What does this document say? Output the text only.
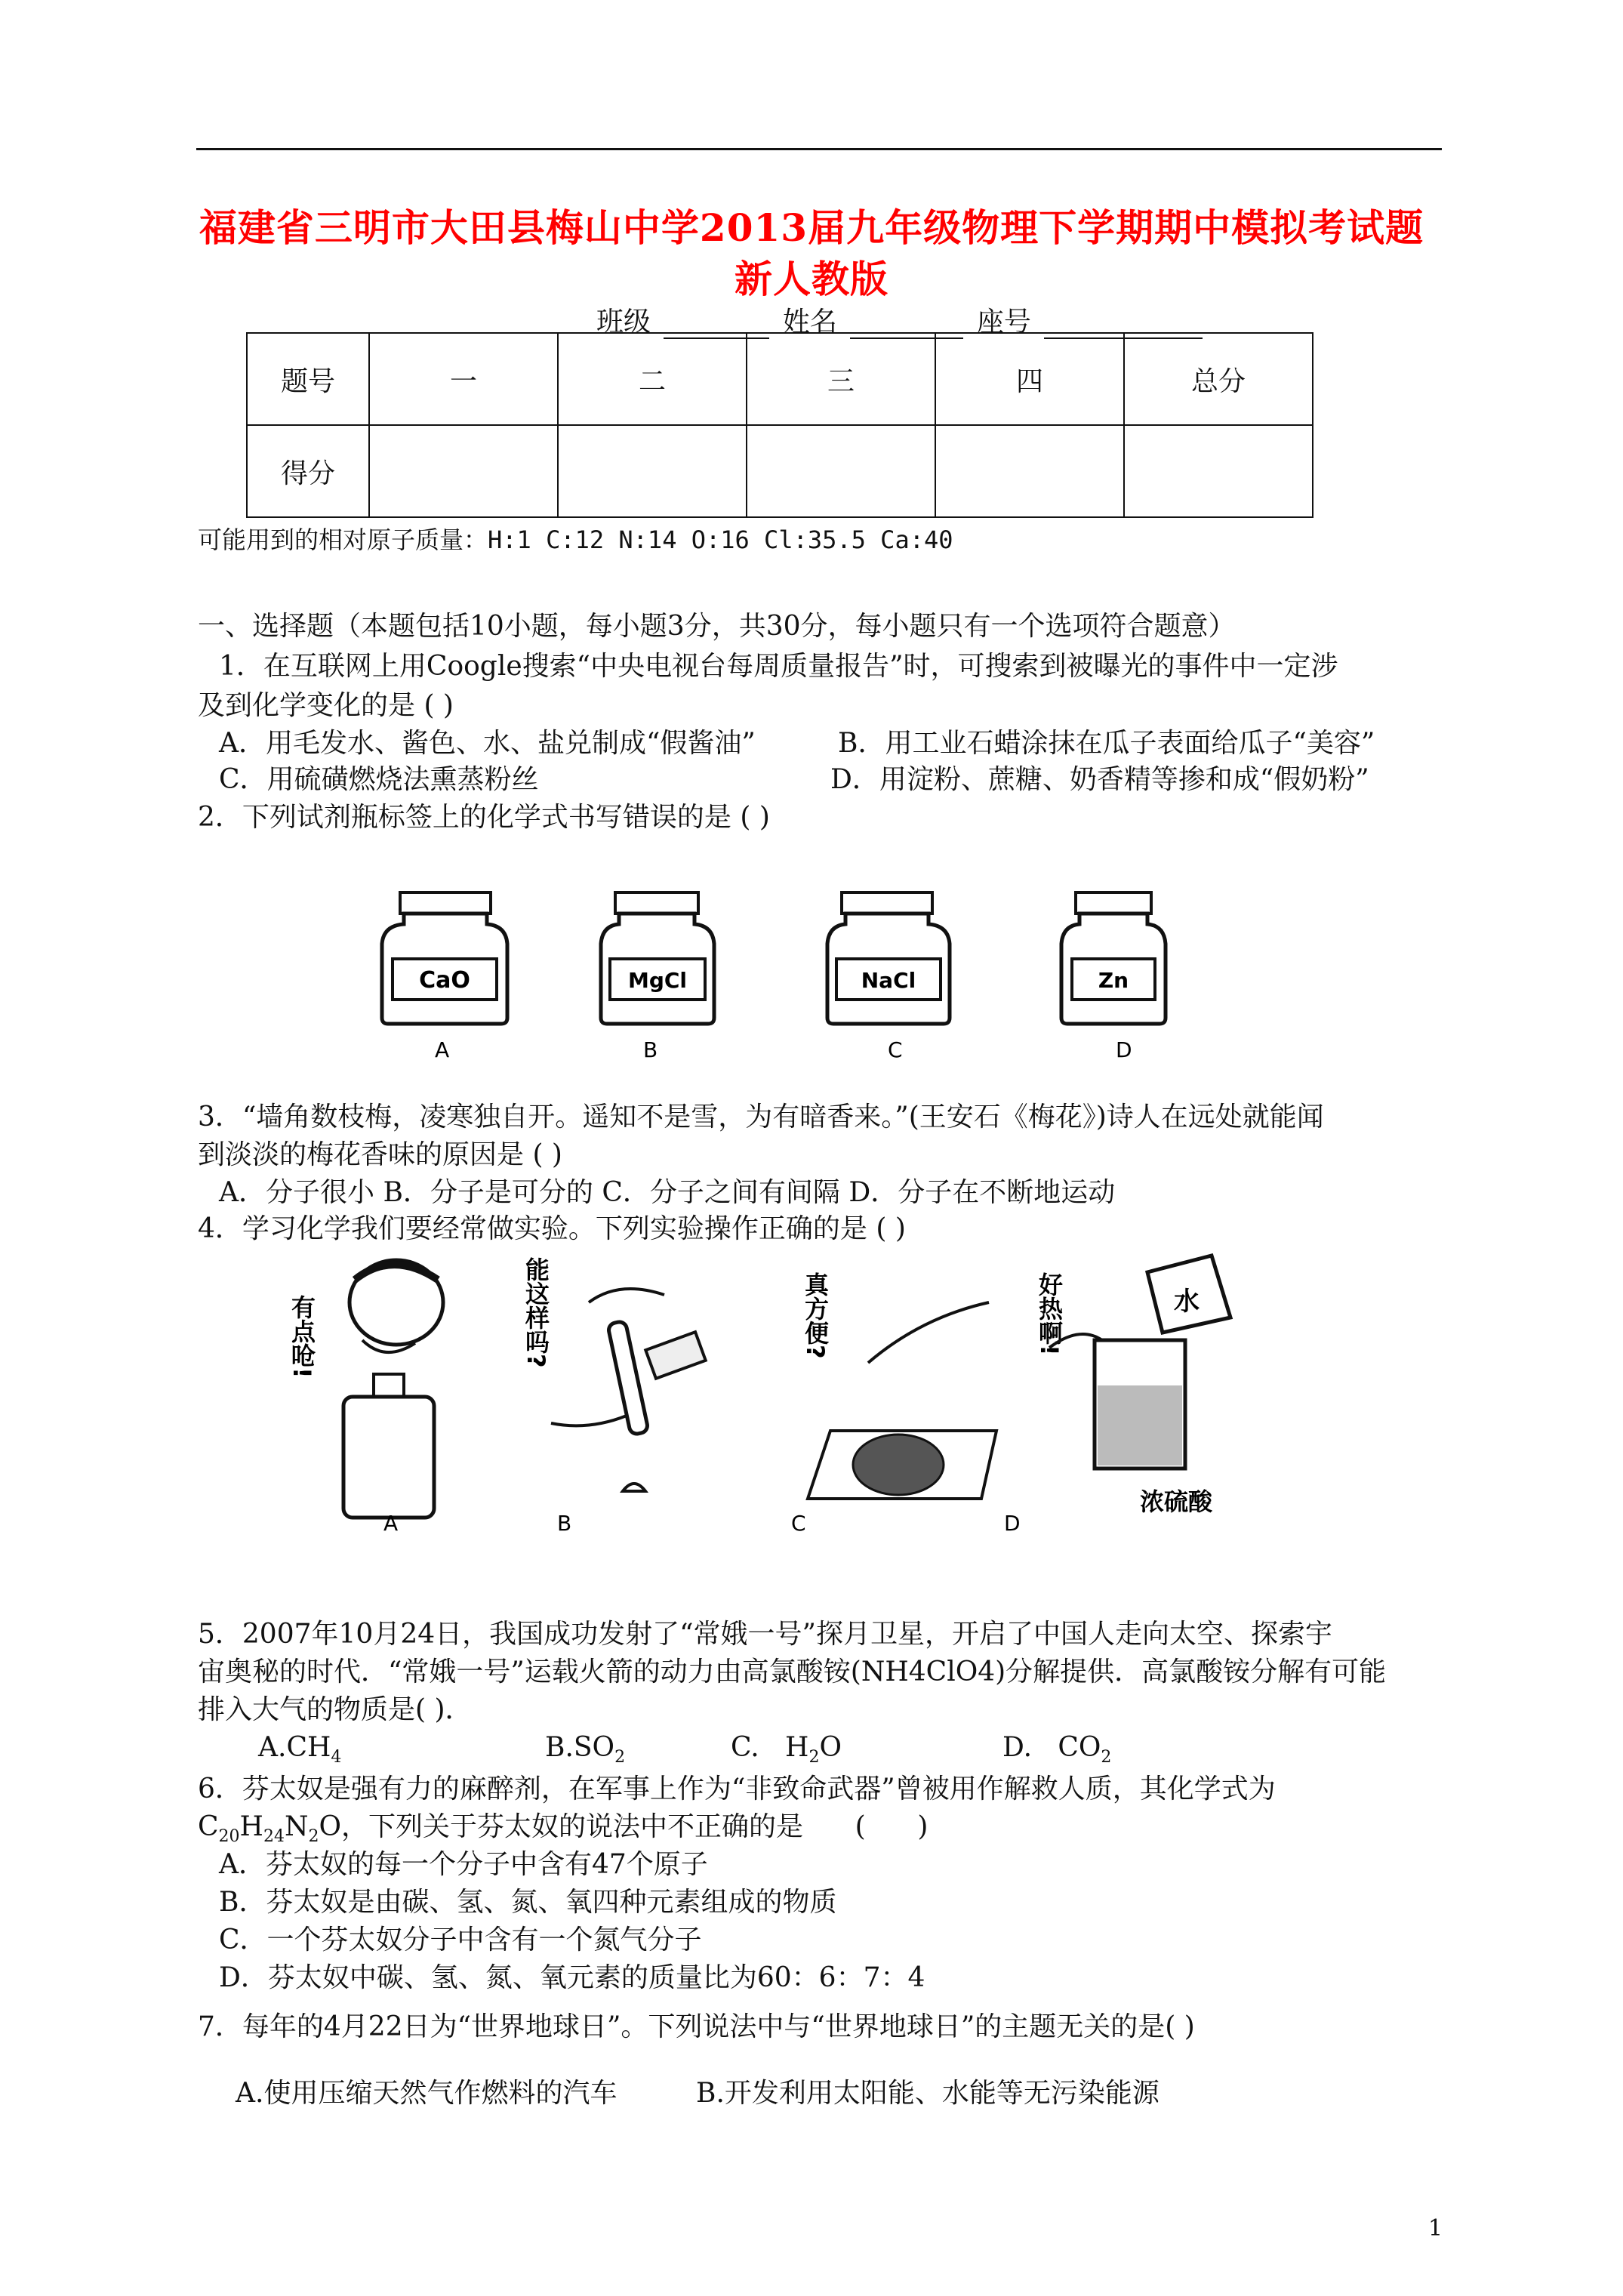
福建省三明市大田县梅山中学2013届九年级物理下学期期中模拟考试题
新人教版
班级	姓名	座号
题号	一	二	三	四	总分
得分					
可能用到的相对原子质量：H:1 C:12 N:14 O:16 Cl:35.5 Ca:40
一、选择题（本题包括10小题，每小题3分，共30分，每小题只有一个选项符合题意）
1．在互联网上用Coogle搜索“中央电视台每周质量报告”时，可搜索到被曝光的事件中一定涉
及到化学变化的是 ( )
A．用毛发水、酱色、水、盐兑制成“假酱油”	B．用工业石蜡涂抹在瓜子表面给瓜子“美容”
C．用硫磺燃烧法熏蒸粉丝	D．用淀粉、蔗糖、奶香精等掺和成“假奶粉”
2．下列试剂瓶标签上的化学式书写错误的是 ( )
CaO	MgCl	NaCl	Zn
A	B	C	D
3．“墙角数枝梅，凌寒独自开。遥知不是雪，为有暗香来。”(王安石《梅花》)诗人在远处就能闻
到淡淡的梅花香味的原因是 ( )
A．分子很小 B．分子是可分的 C．分子之间有间隔 D．分子在不断地运动
4．学习化学我们要经常做实验。下列实验操作正确的是 ( )
有点呛!	能这样吗?	真方便?	好热啊!	水
浓硫酸
A	B	C	D
5．2007年10月24日，我国成功发射了“常娥一号”探月卫星，开启了中国人走向太空、探索宇
宙奥秘的时代．“常娥一号”运载火箭的动力由高氯酸铵(NH4ClO4)分解提供．高氯酸铵分解有可能
排入大气的物质是( )．
$A.CH_4$	$B.SO_2$	C.   $H_2O$	D.   $CO_2$
6．芬太奴是强有力的麻醉剂，在军事上作为“非致命武器”曾被用作解救人质，其化学式为
$C_{20}H_{24}N_2O$，下列关于芬太奴的说法中不正确的是      (      )
A．芬太奴的每一个分子中含有47个原子
B．芬太奴是由碳、氢、氮、氧四种元素组成的物质
C．一个芬太奴分子中含有一个氮气分子
D．芬太奴中碳、氢、氮、氧元素的质量比为60：6：7：4
7．每年的4月22日为“世界地球日”。下列说法中与“世界地球日”的主题无关的是( )
A.使用压缩天然气作燃料的汽车	B.开发利用太阳能、水能等无污染能源
1
